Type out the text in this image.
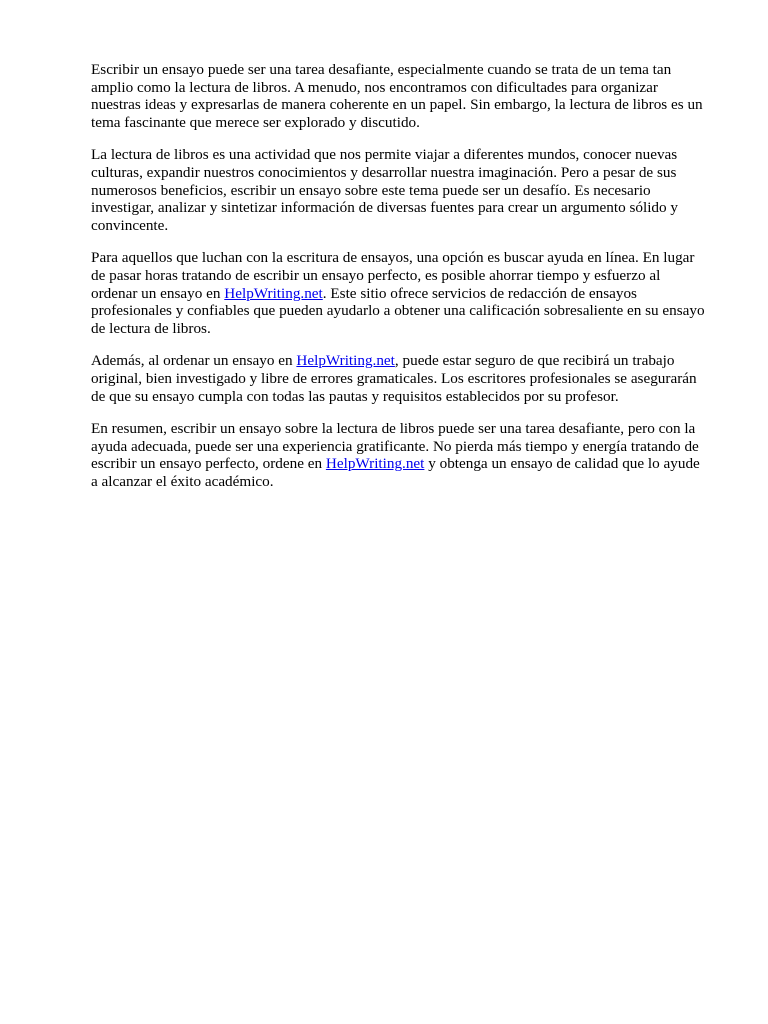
Escribir un ensayo puede ser una tarea desafiante, especialmente cuando se trata de un tema tan
amplio como la lectura de libros. A menudo, nos encontramos con dificultades para organizar
nuestras ideas y expresarlas de manera coherente en un papel. Sin embargo, la lectura de libros es un
tema fascinante que merece ser explorado y discutido.

La lectura de libros es una actividad que nos permite viajar a diferentes mundos, conocer nuevas
culturas, expandir nuestros conocimientos y desarrollar nuestra imaginación. Pero a pesar de sus
numerosos beneficios, escribir un ensayo sobre este tema puede ser un desafío. Es necesario
investigar, analizar y sintetizar información de diversas fuentes para crear un argumento sólido y
convincente.

Para aquellos que luchan con la escritura de ensayos, una opción es buscar ayuda en línea. En lugar
de pasar horas tratando de escribir un ensayo perfecto, es posible ahorrar tiempo y esfuerzo al
ordenar un ensayo en HelpWriting.net. Este sitio ofrece servicios de redacción de ensayos
profesionales y confiables que pueden ayudarlo a obtener una calificación sobresaliente en su ensayo
de lectura de libros.

Además, al ordenar un ensayo en HelpWriting.net, puede estar seguro de que recibirá un trabajo
original, bien investigado y libre de errores gramaticales. Los escritores profesionales se asegurarán
de que su ensayo cumpla con todas las pautas y requisitos establecidos por su profesor.

En resumen, escribir un ensayo sobre la lectura de libros puede ser una tarea desafiante, pero con la
ayuda adecuada, puede ser una experiencia gratificante. No pierda más tiempo y energía tratando de
escribir un ensayo perfecto, ordene en HelpWriting.net y obtenga un ensayo de calidad que lo ayude
a alcanzar el éxito académico.
